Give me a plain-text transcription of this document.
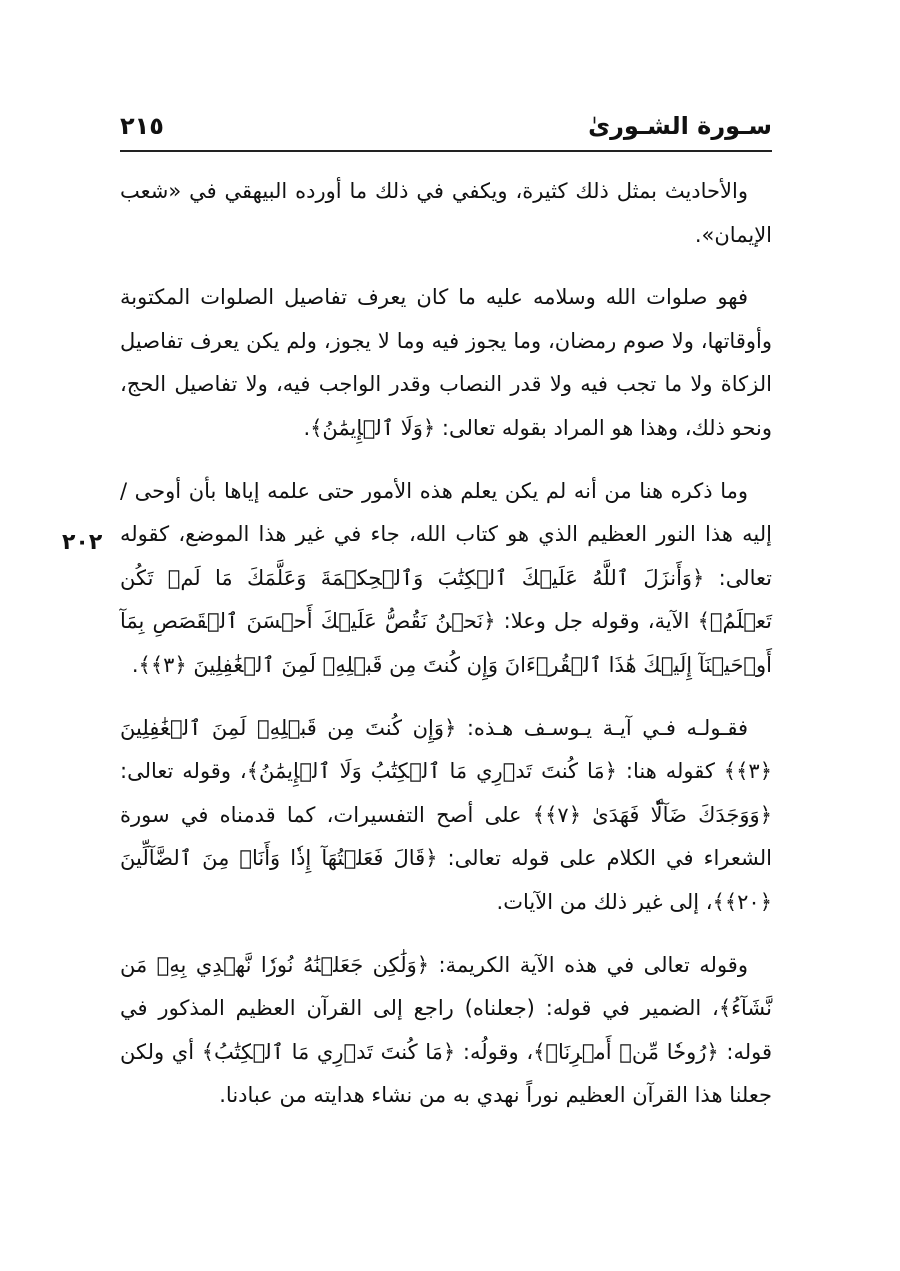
سـورة الشـورىٰ
٢١٥
٢٠٢

والأحاديث بمثل ذلك كثيرة، ويكفي في ذلك ما أورده البيهقي في «شعب الإيمان».

فهو صلوات الله وسلامه عليه ما كان يعرف تفاصيل الصلوات المكتوبة وأوقاتها، ولا صوم رمضان، وما يجوز فيه وما لا يجوز، ولم يكن يعرف تفاصيل الزكاة ولا ما تجب فيه ولا قدر النصاب وقدر الواجب فيه، ولا تفاصيل الحج، ونحو ذلك، وهذا هو المراد بقوله تعالى: ﴿وَلَا ٱلۡإِيمَٰنُ﴾.

وما ذكره هنا من أنه لم يكن يعلم هذه الأمور حتى علمه إياها بأن أوحى / إليه هذا النور العظيم الذي هو كتاب الله، جاء في غير هذا الموضع، كقوله تعالى: ﴿وَأَنزَلَ ٱللَّهُ عَلَيۡكَ ٱلۡكِتَٰبَ وَٱلۡحِكۡمَةَ وَعَلَّمَكَ مَا لَمۡ تَكُن تَعۡلَمُۚ﴾ الآية، وقوله جل وعلا: ﴿نَحۡنُ نَقُصُّ عَلَيۡكَ أَحۡسَنَ ٱلۡقَصَصِ بِمَآ أَوۡحَيۡنَآ إِلَيۡكَ هَٰذَا ٱلۡقُرۡءَانَ وَإِن كُنتَ مِن قَبۡلِهِۦ لَمِنَ ٱلۡغَٰفِلِينَ ﴿٣﴾﴾.

فقـولـه فـي آيـة يـوسـف هـذه: ﴿وَإِن كُنتَ مِن قَبۡلِهِۦ لَمِنَ ٱلۡغَٰفِلِينَ ﴿٣﴾﴾ كقوله هنا: ﴿مَا كُنتَ تَدۡرِي مَا ٱلۡكِتَٰبُ وَلَا ٱلۡإِيمَٰنُ﴾، وقوله تعالى: ﴿وَوَجَدَكَ ضَآلّٗا فَهَدَىٰ ﴿٧﴾﴾ على أصح التفسيرات، كما قدمناه في سورة الشعراء في الكلام على قوله تعالى: ﴿قَالَ فَعَلۡتُهَآ إِذٗا وَأَنَا۠ مِنَ ٱلضَّآلِّينَ ﴿٢٠﴾﴾، إلى غير ذلك من الآيات.

وقوله تعالى في هذه الآية الكريمة: ﴿وَلَٰكِن جَعَلۡنَٰهُ نُورٗا نَّهۡدِي بِهِۦ مَن نَّشَآءُ﴾، الضمير في قوله: (جعلناه) راجع إلى القرآن العظيم المذكور في قوله: ﴿رُوحٗا مِّنۡ أَمۡرِنَاۚ﴾، وقولُه: ﴿مَا كُنتَ تَدۡرِي مَا ٱلۡكِتَٰبُ﴾ أي ولكن جعلنا هذا القرآن العظيم نوراً نهدي به من نشاء هدايته من عبادنا.
